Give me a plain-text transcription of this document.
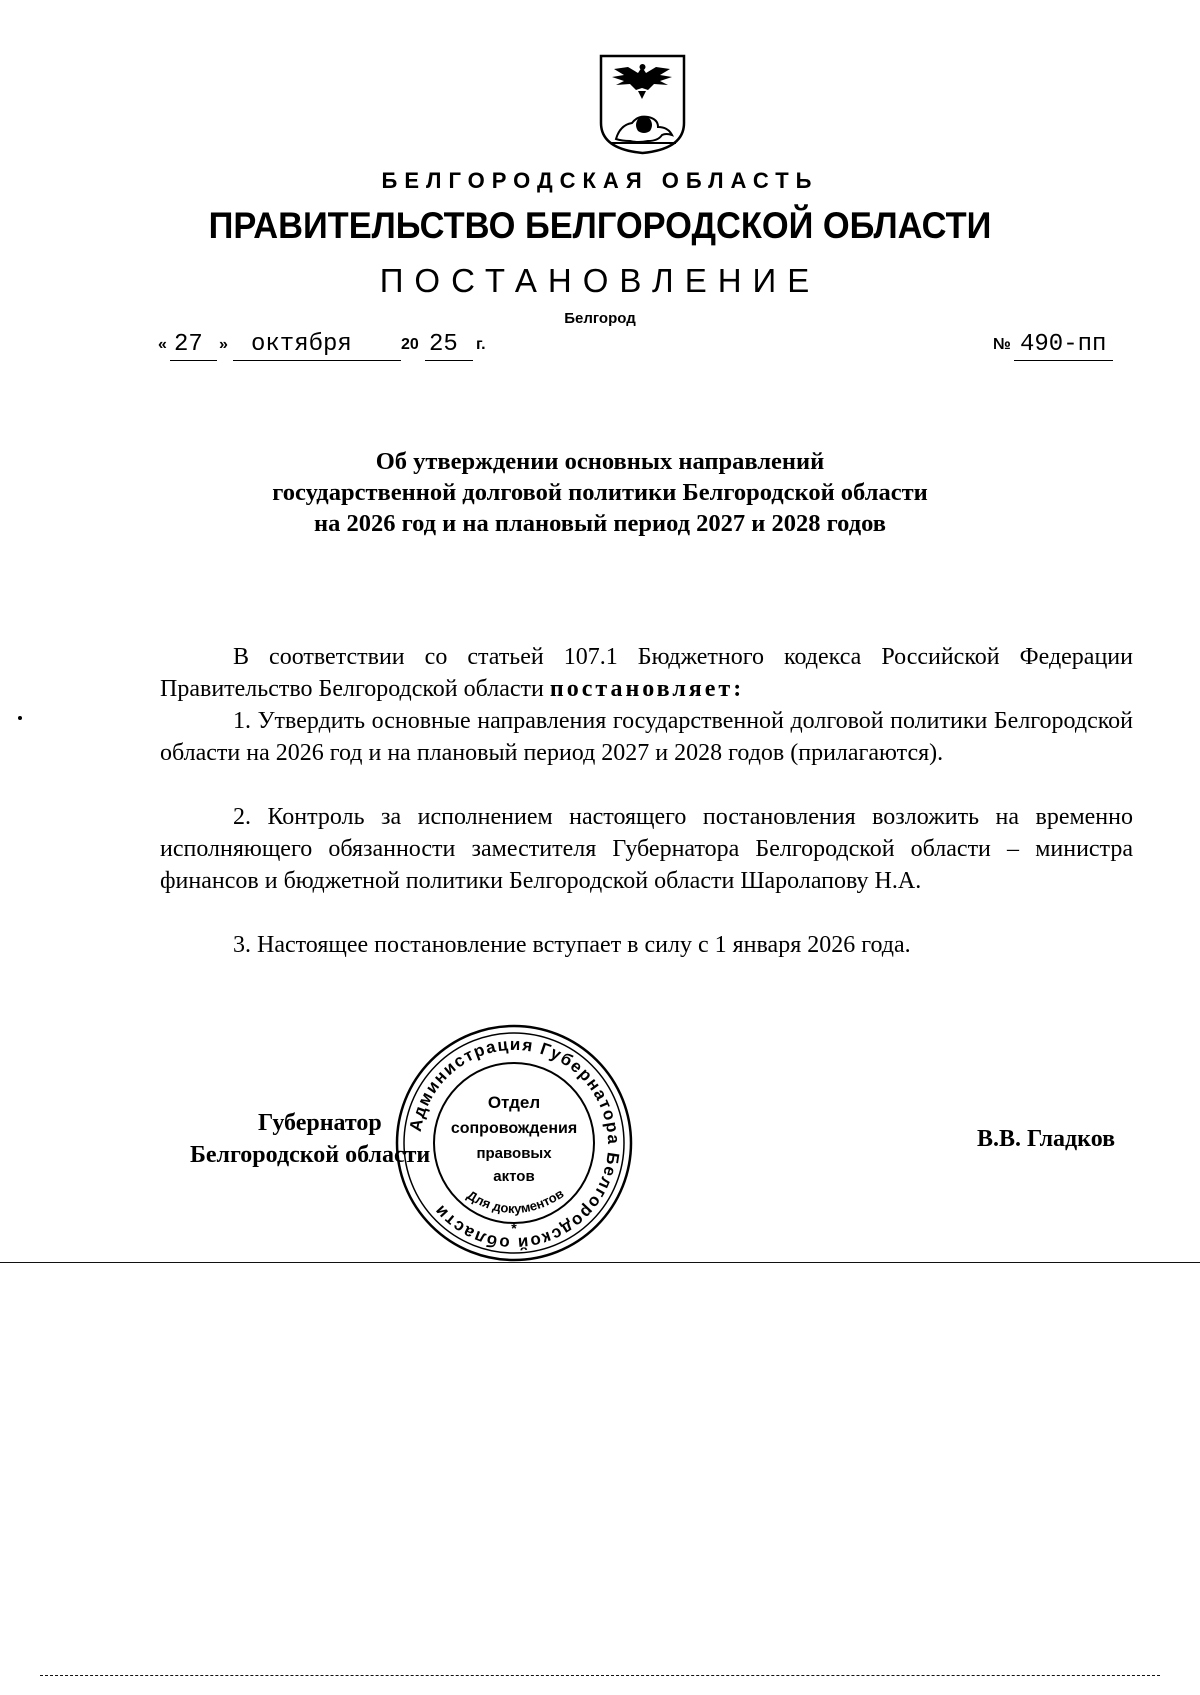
БЕЛГОРОДСКАЯ ОБЛАСТЬ
ПРАВИТЕЛЬСТВО БЕЛГОРОДСКОЙ ОБЛАСТИ
ПОСТАНОВЛЕНИЕ
Белгород
« 27 » октября	20 25 г.	№ 490-пп
Об утверждении основных направлений
государственной долговой политики Белгородской области
на 2026 год и на плановый период 2027 и 2028 годов
В соответствии со статьей 107.1 Бюджетного кодекса Российской Федерации Правительство Белгородской области постановляет:
1. Утвердить основные направления государственной долговой политики Белгородской области на 2026 год и на плановый период 2027 и 2028 годов (прилагаются).
2. Контроль за исполнением настоящего постановления возложить на временно исполняющего обязанности заместителя Губернатора Белгородской области – министра финансов и бюджетной политики Белгородской области Шаролапову Н.А.
3. Настоящее постановление вступает в силу с 1 января 2026 года.
Губернатор
Белгородской области
В.В. Гладков
Администрация Губернатора Белгородской области
Для документов
*
Отдел
сопровождения
правовых
актов
